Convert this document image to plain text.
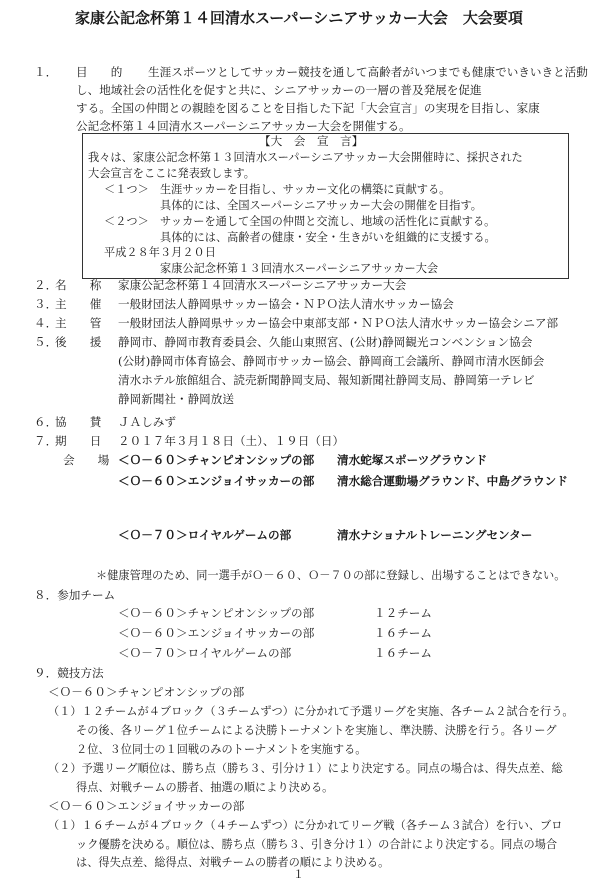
家康公記念杯第１４回清水スーパーシニアサッカー大会　大会要項
１． 目　　的 生涯スポーツとしてサッカー競技を通して高齢者がいつまでも健康でいきいきと活動
し、地域社会の活性化を促すと共に、シニアサッカーの一層の普及発展を促進
する。全国の仲間との親睦を図ることを目指した下記「大会宣言」の実現を目指し、家康
公記念杯第１４回清水スーパーシニアサッカー大会を開催する。
【大　会　宣　言】
我々は、家康公記念杯第１３回清水スーパーシニアサッカー大会開催時に、採択された
大会宣言をここに発表致します。
＜１つ＞　生涯サッカーを目指し、サッカー文化の構築に貢献する。
具体的には、全国スーパーシニアサッカー大会の開催を目指す。
＜２つ＞　サッカーを通して全国の仲間と交流し、地域の活性化に貢献する。
具体的には、高齢者の健康・安全・生きがいを組織的に支援する。
平成２８年３月２０日
家康公記念杯第１３回清水スーパーシニアサッカー大会
２．
名　　称 家康公記念杯第１４回清水スーパーシニアサッカー大会
３．
主　　催 一般財団法人静岡県サッカー協会・ＮＰＯ法人清水サッカー協会
４．
主　　管 一般財団法人静岡県サッカー協会中東部支部・ＮＰＯ法人清水サッカー協会シニア部
５．
後　　援 静岡市、静岡市教育委員会、久能山東照宮、(公財)静岡観光コンベンション協会
(公財)静岡市体育協会、静岡市サッカー協会、静岡商工会議所、静岡市清水医師会
清水ホテル旅館組合、読売新聞静岡支局、報知新聞社静岡支局、静岡第一テレビ
静岡新聞社・静岡放送
６．
協　　賛 ＪＡしみず
７．
期　　日 ２０１７年３月１８日（土）、１９日（日）
会　　場 ＜Ｏ－６０＞チャンピオンシップの部 清水蛇塚スポーツグラウンド
＜Ｏ－６０＞エンジョイサッカーの部 清水総合運動場グラウンド、中島グラウンド
＜Ｏ－７０＞ロイヤルゲームの部	清水ナショナルトレーニングセンター
＊健康管理のため、同一選手がＯ－６０、Ｏ－７０の部に登録し、出場することはできない。
８．参加チーム
＜Ｏ－６０＞チャンピオンシップの部	１２チーム
＜Ｏ－６０＞エンジョイサッカーの部	１６チーム
＜Ｏ－７０＞ロイヤルゲームの部	１６チーム
９．競技方法
＜Ｏ－６０＞チャンピオンシップの部
（１）１２チームが４ブロック（３チームずつ）に分かれて予選リーグを実施、各チーム２試合を行う。
その後、各リーグ１位チームによる決勝トーナメントを実施し、準決勝、決勝を行う。各リーグ
２位、３位同士の１回戦のみのトーナメントを実施する。
（２）予選リーグ順位は、勝ち点（勝ち３、引分け１）により決定する。同点の場合は、得失点差、総
得点、対戦チームの勝者、抽選の順により決める。
＜Ｏ－６０＞エンジョイサッカーの部
（１）１６チームが４ブロック（４チームずつ）に分かれてリーグ戦（各チーム３試合）を行い、ブロ
ック優勝を決める。順位は、勝ち点（勝ち３、引き分け１）の合計により決定する。同点の場合
は、得失点差、総得点、対戦チームの勝者の順により決める。
１
